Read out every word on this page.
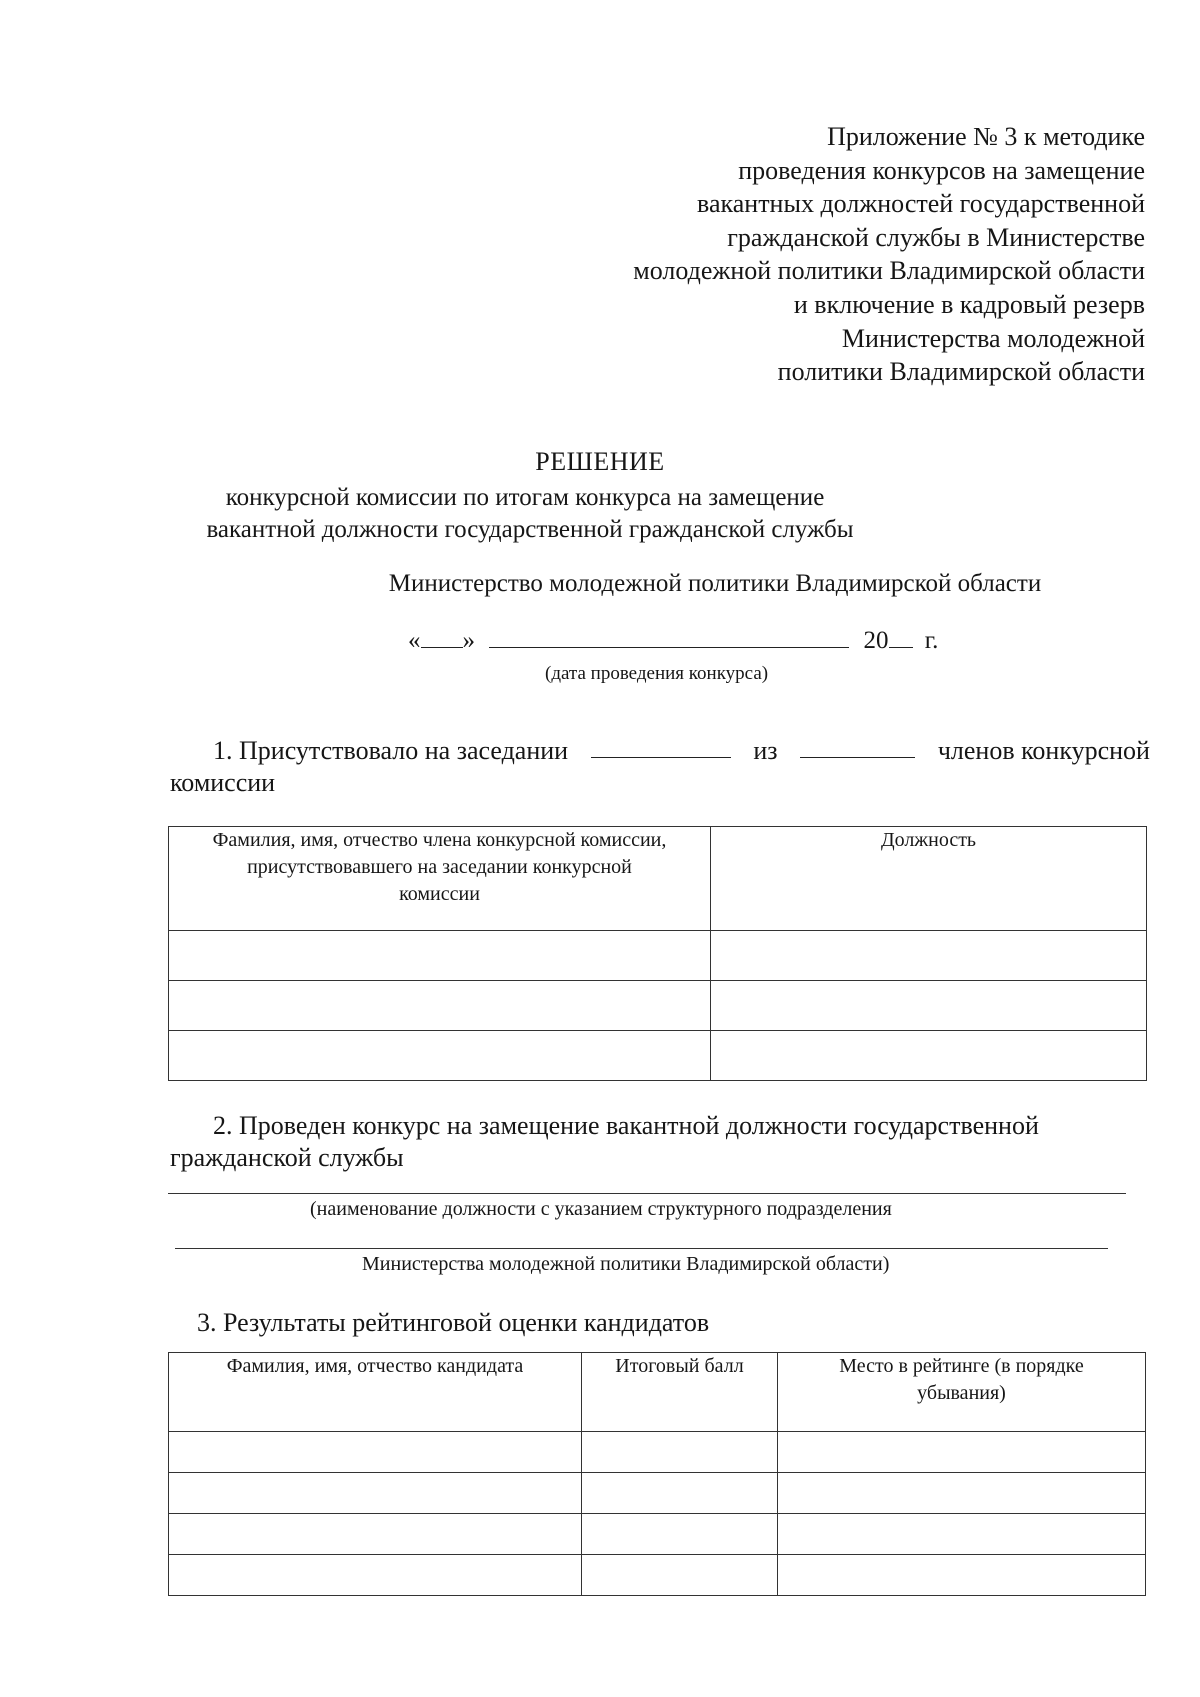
Приложение № 3 к методике
проведения конкурсов на замещение
вакантных должностей государственной
гражданской службы в Министерстве
молодежной политики Владимирской области
и включение в кадровый резерв
Министерства молодежной
политики Владимирской области
РЕШЕНИЕ
конкурсной комиссии по итогам конкурса на замещение
вакантной должности государственной гражданской службы
Министерство молодежной политики Владимирской области
« »	20 г.
(дата проведения конкурса)
1. Присутствовало на заседании	из	членов конкурсной
комиссии
Фамилия, имя, отчество члена конкурсной комиссии, присутствовавшего на заседании конкурсной комиссии	Должность

2. Проведен конкурс на замещение вакантной должности государственной
гражданской службы
(наименование должности с указанием структурного подразделения
Министерства молодежной политики Владимирской области)
3. Результаты рейтинговой оценки кандидатов
Фамилия, имя, отчество кандидата	Итоговый балл	Место в рейтинге (в порядке убывания)
